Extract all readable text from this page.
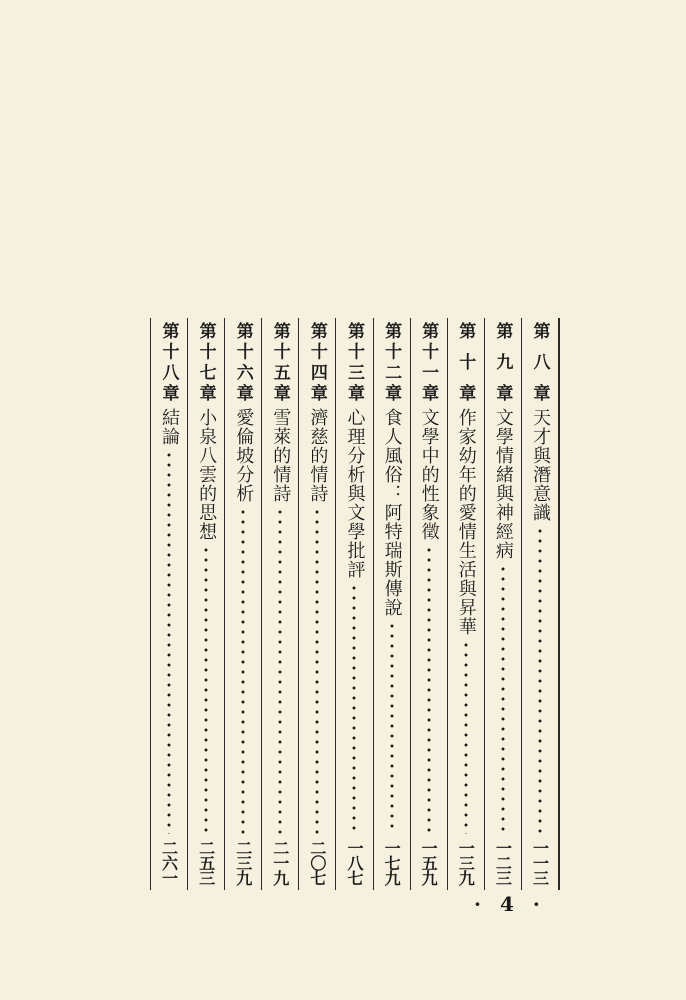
第八章
天才與潛意識
一一三
第九章
文學情緒與神經病
一二三
第十章
作家幼年的愛情生活與昇華
一三九
第十一章
文學中的性象徵
一五九
第十二章
食人風俗：阿特瑞斯傳說
一七九
第十三章
心理分析與文學批評
一八七
第十四章
濟慈的情詩
二〇七
第十五章
雪萊的情詩
二一九
第十六章
愛倫坡分析
二三九
第十七章
小泉八雲的思想
二五三
第十八章
結論
二六一
· 4 ·
